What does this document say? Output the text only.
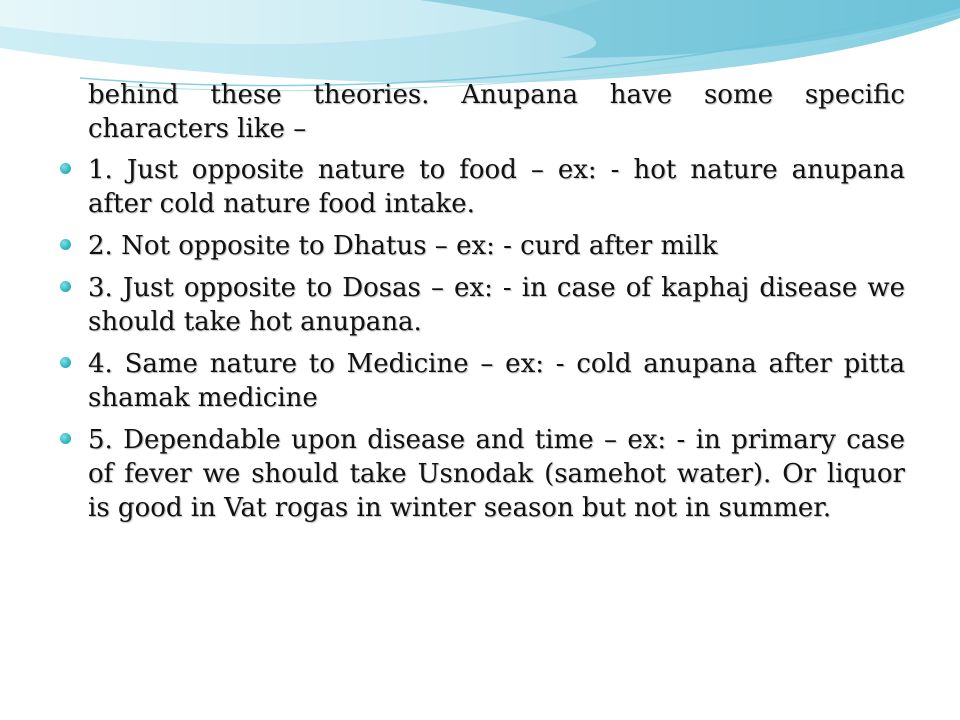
behind these theories. Anupana have some specific characters like –

1. Just opposite nature to food – ex: - hot nature anupana after cold nature food intake.
2. Not opposite to Dhatus – ex: - curd after milk
3. Just opposite to Dosas – ex: - in case of kaphaj disease we should take hot anupana.
4. Same nature to Medicine – ex: - cold anupana after pitta shamak medicine
5. Dependable upon disease and time – ex: - in primary case of fever we should take Usnodak (samehot water). Or liquor is good in Vat rogas in winter season but not in summer.
